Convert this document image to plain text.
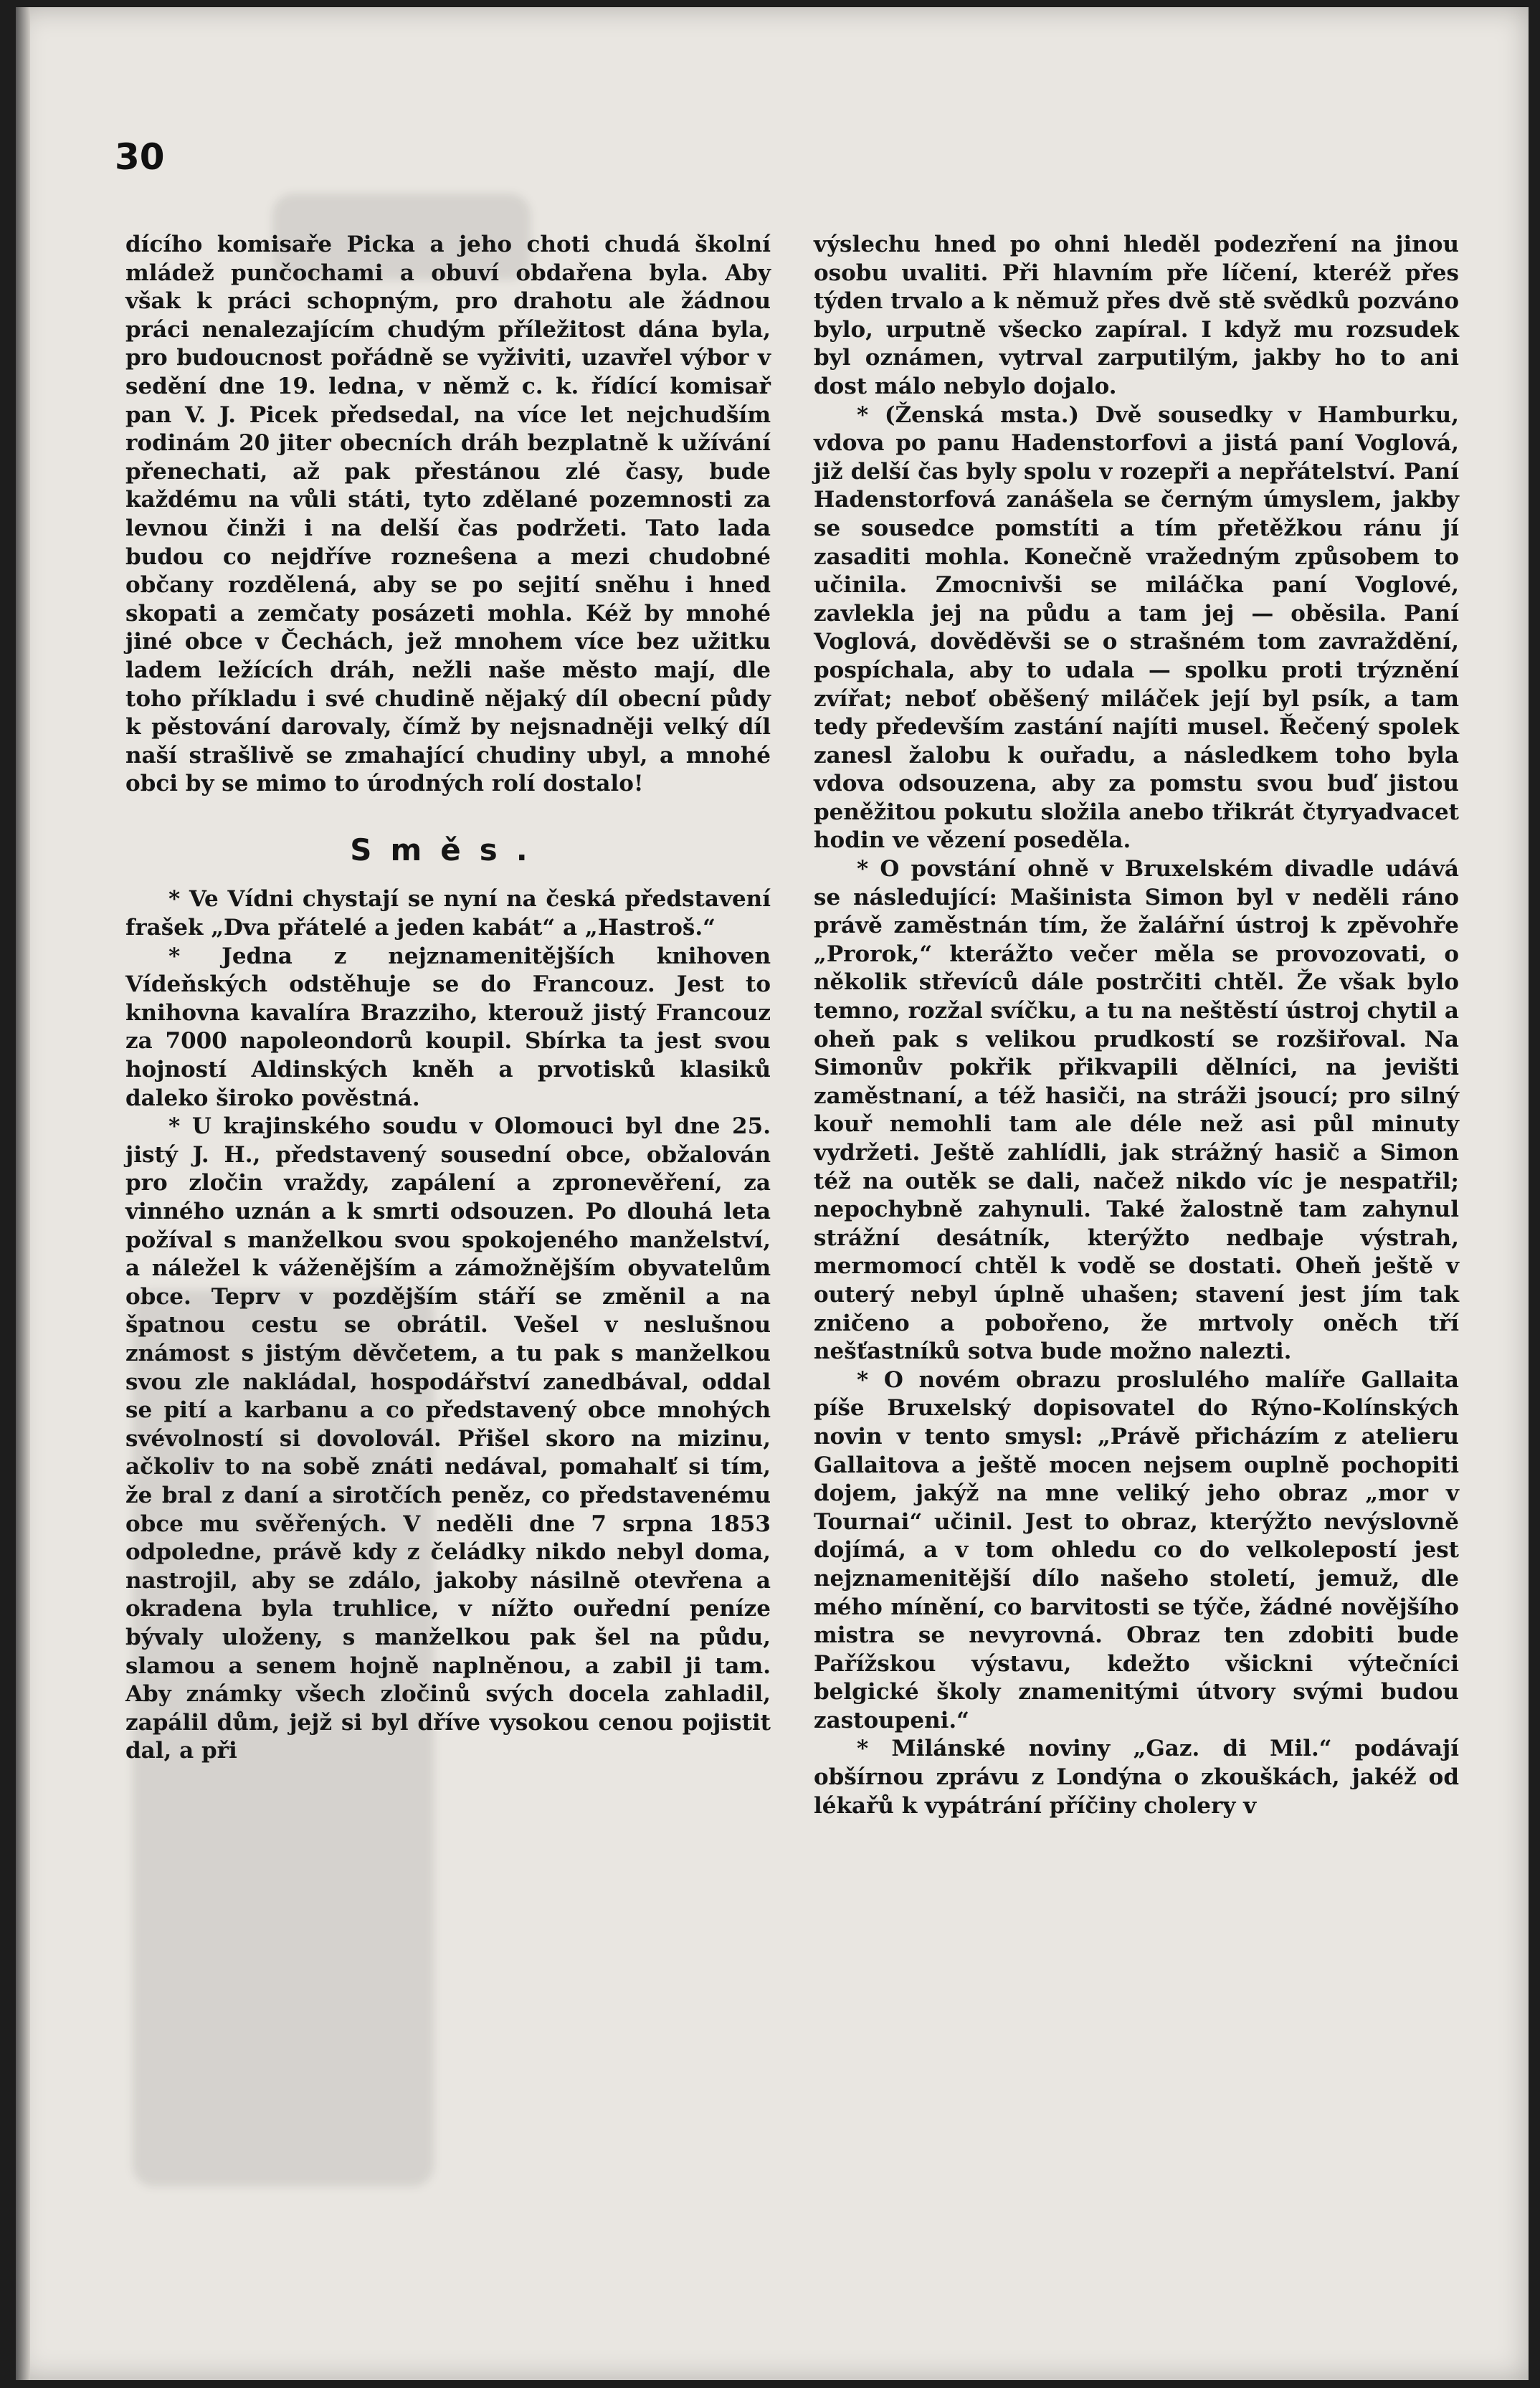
30

dícího komisaře Picka a jeho choti chudá školní mládež punčochami a obuví obdařena byla. Aby však k práci schopným, pro drahotu ale žádnou práci nenalezajícím chudým příležitost dána byla, pro budoucnost pořádně se vyživiti, uzavřel výbor v sedění dne 19. ledna, v němž c. k. řídící komisař pan V. J. Picek předsedal, na více let nejchudším rodinám 20 jiter obecních dráh bezplatně k užívání přenechati, až pak přestánou zlé časy, bude každému na vůli státi, tyto zdělané pozemnosti za levnou činži i na delší čas podržeti. Tato lada budou co nejdříve rozneŝena a mezi chudobné občany rozdělená, aby se po sejití sněhu i hned skopati a zemčaty posázeti mohla. Kéž by mnohé jiné obce v Čechách, jež mnohem více bez užitku ladem ležících dráh, nežli naše město mají, dle toho příkladu i své chudině nějaký díl obecní půdy k pěstování darovaly, čímž by nejsnadněji velký díl naší strašlivě se zmahající chudiny ubyl, a mnohé obci by se mimo to úrodných rolí dostalo!

Směs.

* Ve Vídni chystají se nyní na česká představení frašek „Dva přátelé a jeden kabát“ a „Hastroš.“

* Jedna z nejznamenitějších knihoven Vídeňských odstěhuje se do Francouz. Jest to knihovna kavalíra Brazziho, kterouž jistý Francouz za 7000 napoleondorů koupil. Sbírka ta jest svou hojností Aldinských kněh a prvotisků klasiků daleko široko pověstná.

* U krajinského soudu v Olomouci byl dne 25. jistý J. H., představený sousední obce, obžalován pro zločin vraždy, zapálení a zpronevěření, za vinného uznán a k smrti odsouzen. Po dlouhá leta požíval s manželkou svou spokojeného manželství, a náležel k váženějším a zámožnějším obyvatelům obce. Teprv v pozdějším stáří se změnil a na špatnou cestu se obrátil. Vešel v neslušnou známost s jistým děvčetem, a tu pak s manželkou svou zle nakládal, hospodářství zanedbával, oddal se pití a karbanu a co představený obce mnohých svévolností si dovolovál. Přišel skoro na mizinu, ačkoliv to na sobě znáti nedával, pomahalť si tím, že bral z daní a sirotčích peněz, co představenému obce mu svěřených. V neděli dne 7 srpna 1853 odpoledne, právě kdy z čeládky nikdo nebyl doma, nastrojil, aby se zdálo, jakoby násilně otevřena a okradena byla truhlice, v nížto ouřední peníze bývaly uloženy, s manželkou pak šel na půdu, slamou a senem hojně naplněnou, a zabil ji tam. Aby známky všech zločinů svých docela zahladil, zapálil dům, jejž si byl dříve vysokou cenou pojistit dal, a při

výslechu hned po ohni hleděl podezření na jinou osobu uvaliti. Při hlavním pře líčení, kteréž přes týden trvalo a k němuž přes dvě stě svědků pozváno bylo, urputně všecko zapíral. I když mu rozsudek byl oznámen, vytrval zarputilým, jakby ho to ani dost málo nebylo dojalo.

* (Ženská msta.) Dvě sousedky v Hamburku, vdova po panu Hadenstorfovi a jistá paní Voglová, již delší čas byly spolu v rozepři a nepřátelství. Paní Hadenstorfová zanášela se černým úmyslem, jakby se sousedce pomstíti a tím přetěžkou ránu jí zasaditi mohla. Konečně vražedným způsobem to učinila. Zmocnivši se miláčka paní Voglové, zavlekla jej na půdu a tam jej — oběsila. Paní Voglová, dověděvši se o strašném tom zavraždění, pospíchala, aby to udala — spolku proti trýznění zvířat; neboť oběšený miláček její byl psík, a tam tedy především zastání najíti musel. Řečený spolek zanesl žalobu k ouřadu, a následkem toho byla vdova odsouzena, aby za pomstu svou buď jistou peněžitou pokutu složila anebo třikrát čtyryadvacet hodin ve vězení poseděla.

* O povstání ohně v Bruxelském divadle udává se následující: Mašinista Simon byl v neděli ráno právě zaměstnán tím, že žalářní ústroj k zpěvohře „Prorok,“ kterážto večer měla se provozovati, o několik střevíců dále postrčiti chtěl. Že však bylo temno, rozžal svíčku, a tu na neštěstí ústroj chytil a oheň pak s velikou prudkostí se rozšiřoval. Na Simonův pokřik přikvapili dělníci, na jevišti zaměstnaní, a též hasiči, na stráži jsoucí; pro silný kouř nemohli tam ale déle než asi půl minuty vydržeti. Ještě zahlídli, jak strážný hasič a Simon též na outěk se dali, načež nikdo víc je nespatřil; nepochybně zahynuli. Také žalostně tam zahynul strážní desátník, kterýžto nedbaje výstrah, mermomocí chtěl k vodě se dostati. Oheň ještě v outerý nebyl úplně uhašen; stavení jest jím tak zničeno a pobořeno, že mrtvoly oněch tří nešťastníků sotva bude možno nalezti.

* O novém obrazu proslulého malíře Gallaita píše Bruxelský dopisovatel do Rýno-Kolínských novin v tento smysl: „Právě přicházím z atelieru Gallaitova a ještě mocen nejsem ouplně pochopiti dojem, jakýž na mne veliký jeho obraz „mor v Tournai“ učinil. Jest to obraz, kterýžto nevýslovně dojímá, a v tom ohledu co do velkolepostí jest nejznamenitější dílo našeho století, jemuž, dle mého mínění, co barvitosti se týče, žádné novějšího mistra se nevyrovná. Obraz ten zdobiti bude Pařížskou výstavu, kdežto všickni výtečníci belgické školy znamenitými útvory svými budou zastoupeni.“

* Milánské noviny „Gaz. di Mil.“ podávají obšírnou zprávu z Londýna o zkouškách, jakéž od lékařů k vypátrání příčiny cholery v
